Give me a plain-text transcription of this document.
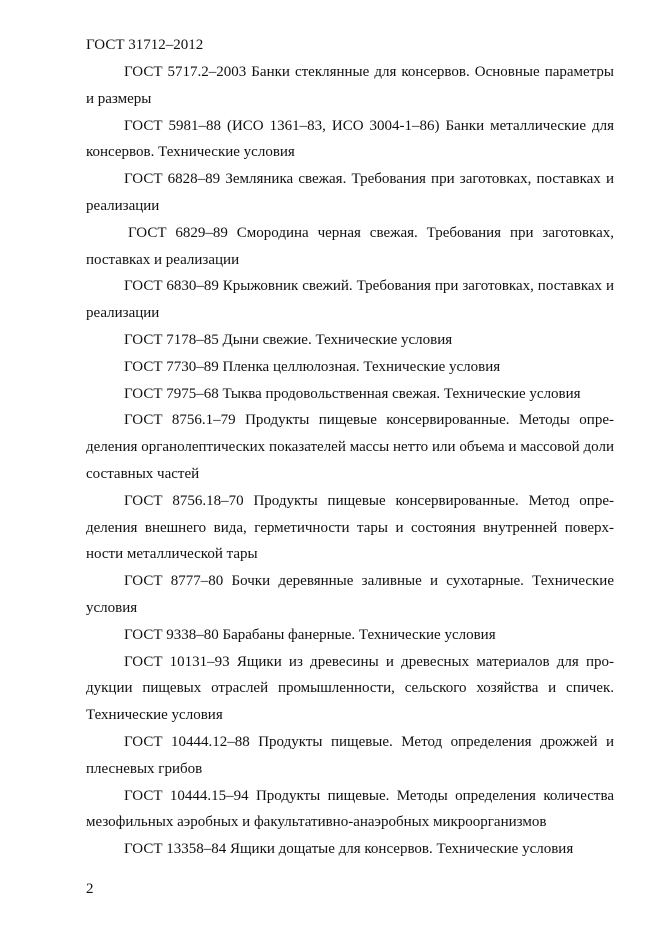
ГОСТ 31712–2012

ГОСТ 5717.2–2003 Банки стеклянные для консервов. Основные параметры и размеры

ГОСТ 5981–88 (ИСО 1361–83, ИСО 3004-1–86) Банки металлические для консервов. Технические условия

ГОСТ 6828–89 Земляника свежая. Требования при заготовках, поставках и реализации

ГОСТ 6829–89 Смородина черная свежая. Требования при заготовках, поставках и реализации

ГОСТ 6830–89 Крыжовник свежий. Требования при заготовках, поставках и реализации

ГОСТ 7178–85 Дыни свежие. Технические условия

ГОСТ 7730–89 Пленка целлюлозная. Технические условия

ГОСТ 7975–68 Тыква продовольственная свежая. Технические условия

ГОСТ 8756.1–79 Продукты пищевые консервированные. Методы определения органолептических показателей массы нетто или объема и массовой доли составных частей

ГОСТ 8756.18–70 Продукты пищевые консервированные. Метод определения внешнего вида, герметичности тары и состояния внутренней поверхности металлической тары

ГОСТ 8777–80 Бочки деревянные заливные и сухотарные. Технические условия

ГОСТ 9338–80 Барабаны фанерные. Технические условия

ГОСТ 10131–93 Ящики из древесины и древесных материалов для продукции пищевых отраслей промышленности, сельского хозяйства и спичек. Технические условия

ГОСТ 10444.12–88 Продукты пищевые. Метод определения дрожжей и плесневых грибов

ГОСТ 10444.15–94 Продукты пищевые. Методы определения количества мезофильных аэробных и факультативно-анаэробных микроорганизмов

ГОСТ 13358–84 Ящики дощатые для консервов. Технические условия

2
